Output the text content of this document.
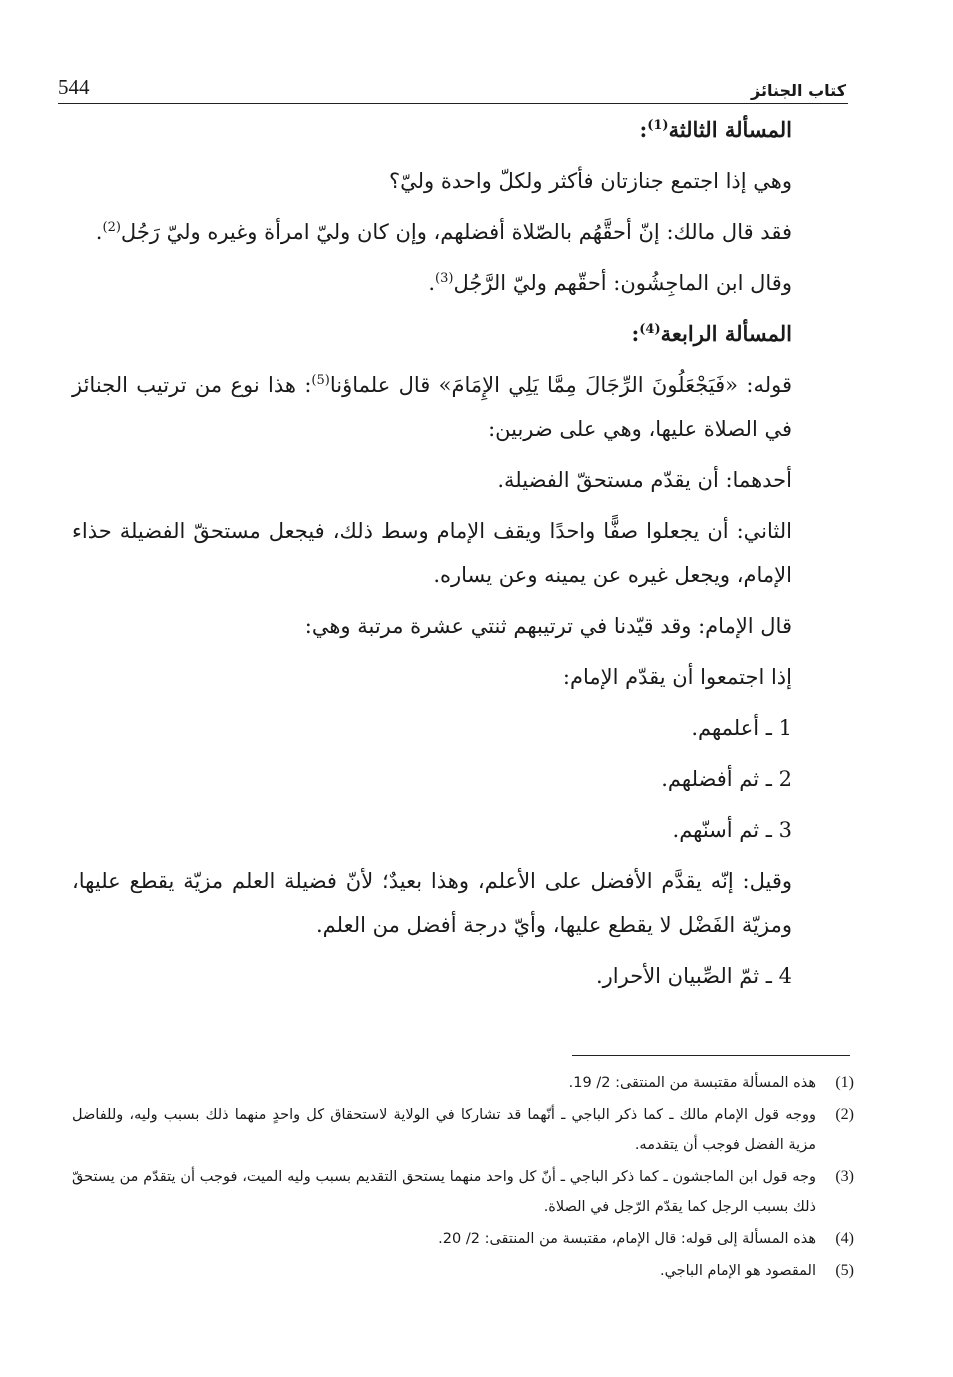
544	كتاب الجنائز

المسألة الثالثة$^{(1)}$:

وهي إذا اجتمع جنازتان فأكثر ولكلّ واحدة وليّ؟

فقد قال مالك: إنّ أحقَّهُم بالصّلاة أفضلهم، وإن كان وليّ امرأة وغيره وليّ رَجُل$^{(2)}$.

وقال ابن الماجِشُون: أحقّهم وليّ الرَّجُل$^{(3)}$.

المسألة الرابعة$^{(4)}$:

قوله: «فَيَجْعَلُونَ الرِّجَالَ مِمَّا يَلِي الإِمَامَ» قال علماؤنا$^{(5)}$: هذا نوع من ترتيب الجنائز في الصلاة عليها، وهي على ضربين:

أحدهما: أن يقدّم مستحقّ الفضيلة.

الثاني: أن يجعلوا صفًّا واحدًا ويقف الإمام وسط ذلك، فيجعل مستحقّ الفضيلة حذاء الإمام، ويجعل غيره عن يمينه وعن يساره.

قال الإمام: وقد قيّدنا في ترتيبهم ثنتي عشرة مرتبة وهي:

إذا اجتمعوا أن يقدّم الإمام:

1 ـ أعلمهم.

2 ـ ثم أفضلهم.

3 ـ ثم أسنّهم.

وقيل: إنّه يقدَّم الأفضل على الأعلم، وهذا بعيدٌ؛ لأنّ فضيلة العلم مزيّة يقطع عليها، ومزيّة الفَضْل لا يقطع عليها، وأيّ درجة أفضل من العلم.

4 ـ ثمّ الصِّبيان الأحرار.

(1)
هذه المسألة مقتبسة من المنتقى: 2/ 19.
(2)
ووجه قول الإمام مالك ـ كما ذكر الباجي ـ أنّهما قد تشاركا في الولاية لاستحقاق كل واحدٍ منهما ذلك بسبب وليه، وللفاضل مزية الفضل فوجب أن يتقدمه.
(3)
وجه قول ابن الماجشون ـ كما ذكر الباجي ـ أنّ كل واحد منهما يستحق التقديم بسبب وليه الميت، فوجب أن يتقدّم من يستحقّ ذلك بسبب الرجل كما يقدّم الرّجل في الصلاة.
(4)
هذه المسألة إلى قوله: قال الإمام، مقتبسة من المنتقى: 2/ 20.
(5)
المقصود هو الإمام الباجي.
